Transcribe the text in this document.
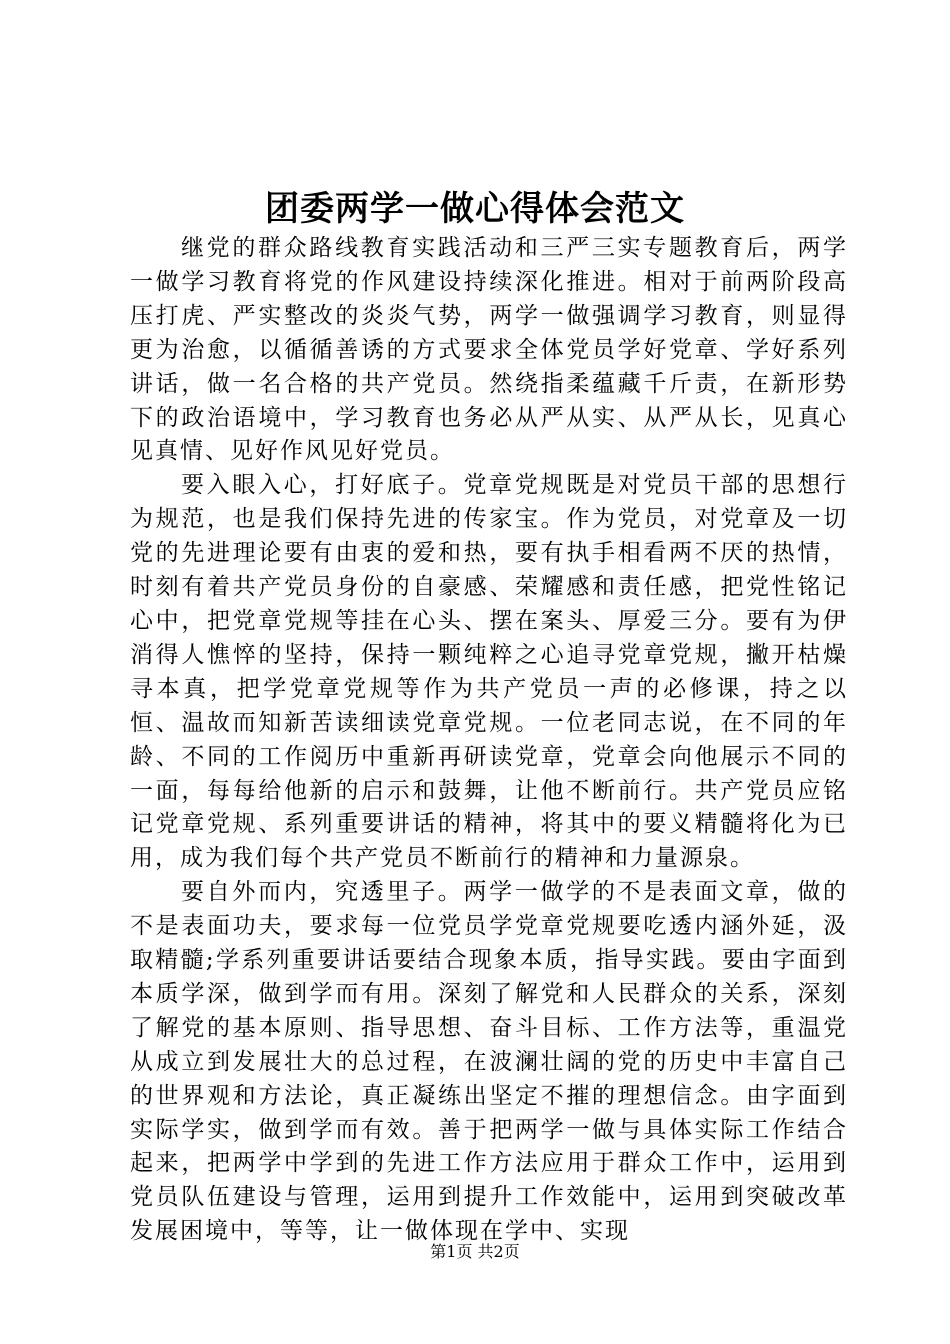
团委两学一做心得体会范文

继党的群众路线教育实践活动和三严三实专题教育后，两学一做学习教育将党的作风建设持续深化推进。相对于前两阶段高压打虎、严实整改的炎炎气势，两学一做强调学习教育，则显得更为治愈，以循循善诱的方式要求全体党员学好党章、学好系列讲话，做一名合格的共产党员。然绕指柔蕴藏千斤责，在新形势下的政治语境中，学习教育也务必从严从实、从严从长，见真心见真情、见好作风见好党员。

要入眼入心，打好底子。党章党规既是对党员干部的思想行为规范，也是我们保持先进的传家宝。作为党员，对党章及一切党的先进理论要有由衷的爱和热，要有执手相看两不厌的热情，时刻有着共产党员身份的自豪感、荣耀感和责任感，把党性铭记心中，把党章党规等挂在心头、摆在案头、厚爱三分。要有为伊消得人憔悴的坚持，保持一颗纯粹之心追寻党章党规，撇开枯燥寻本真，把学党章党规等作为共产党员一声的必修课，持之以恒、温故而知新苦读细读党章党规。一位老同志说，在不同的年龄、不同的工作阅历中重新再研读党章，党章会向他展示不同的一面，每每给他新的启示和鼓舞，让他不断前行。共产党员应铭记党章党规、系列重要讲话的精神，将其中的要义精髓将化为已用，成为我们每个共产党员不断前行的精神和力量源泉。

要自外而内，究透里子。两学一做学的不是表面文章，做的不是表面功夫，要求每一位党员学党章党规要吃透内涵外延，汲取精髓;学系列重要讲话要结合现象本质，指导实践。要由字面到本质学深，做到学而有用。深刻了解党和人民群众的关系，深刻了解党的基本原则、指导思想、奋斗目标、工作方法等，重温党从成立到发展壮大的总过程，在波澜壮阔的党的历史中丰富自己的世界观和方法论，真正凝练出坚定不摧的理想信念。由字面到实际学实，做到学而有效。善于把两学一做与具体实际工作结合起来，把两学中学到的先进工作方法应用于群众工作中，运用到党员队伍建设与管理，运用到提升工作效能中，运用到突破改革发展困境中，等等，让一做体现在学中、实现

第1页 共2页
